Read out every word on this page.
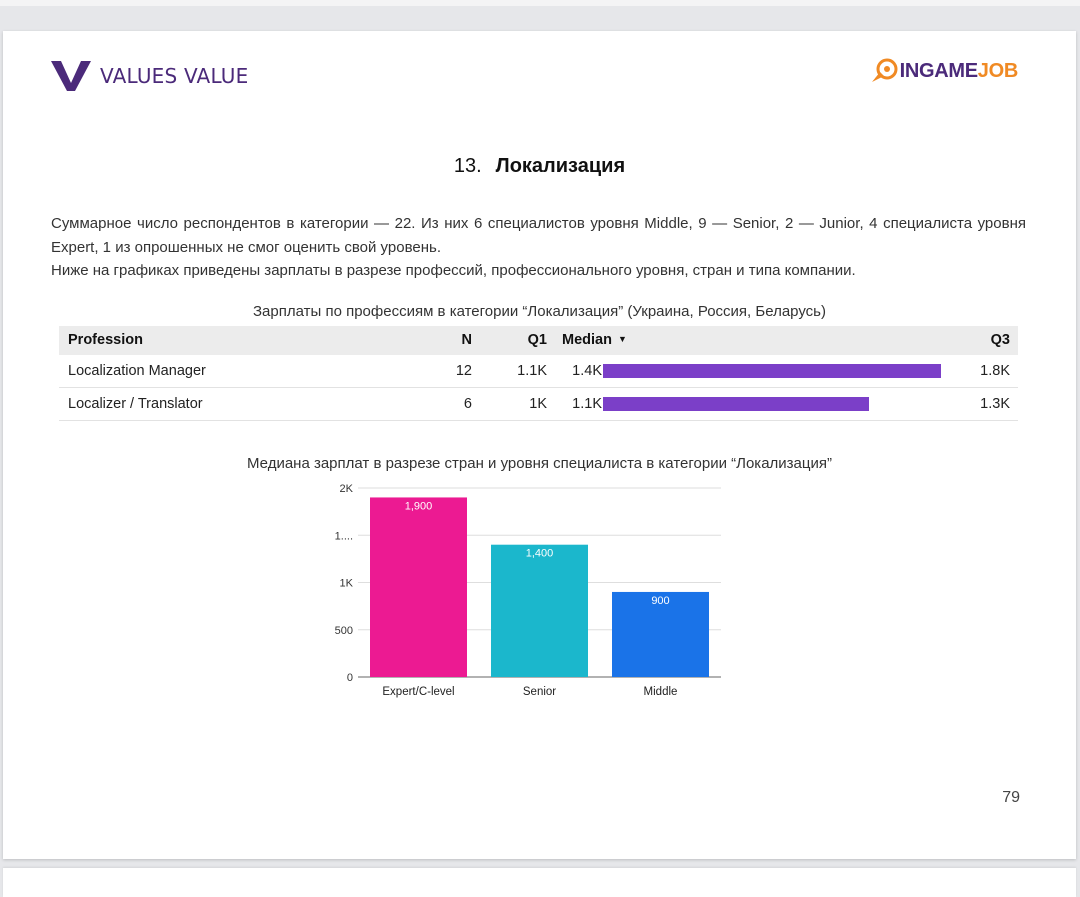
VALUES VALUE	INGAMEJOB
13. Локализация

Суммарное число респондентов в категории — 22. Из них 6 специалистов уровня Middle, 9 — Senior, 2 — Junior, 4 специалиста уровня Expert, 1 из опрошенных не смог оценить свой уровень.

Ниже на графиках приведены зарплаты в разрезе профессий, профессионального уровня, стран и типа компании.

Зарплаты по профессиям в категории “Локализация” (Украина, Россия, Беларусь)
Profession	N	Q1 Median ▼	Q3
Localization Manager	12	1.1K 1.4K	1.8K
Localizer / Translator	6	1K 1.1K	1.3K
Медиана зарплат в разрезе стран и уровня специалиста в категории “Локализация”
0
500
1K
1....
2K
1,900
Expert/C-level
1,400
Senior
900
Middle
79
